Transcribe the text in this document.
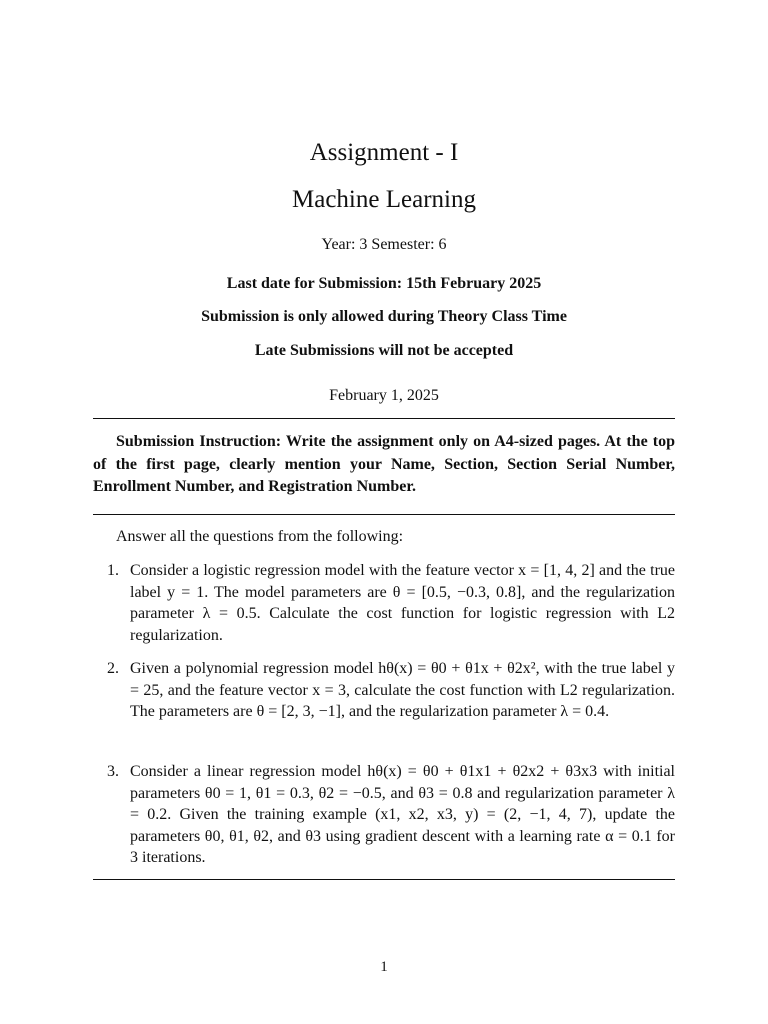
Assignment - I
Machine Learning
Year: 3 Semester: 6
Last date for Submission: 15th February 2025
Submission is only allowed during Theory Class Time
Late Submissions will not be accepted
February 1, 2025
Submission Instruction: Write the assignment only on A4-sized pages. At the top of the first page, clearly mention your Name, Section, Section Serial Number, Enrollment Number, and Registration Number.
Answer all the questions from the following:
1. Consider a logistic regression model with the feature vector x = [1, 4, 2] and the true label y = 1. The model parameters are θ = [0.5, −0.3, 0.8], and the regularization parameter λ = 0.5. Calculate the cost function for logistic regression with L2 regularization.
2. Given a polynomial regression model hθ(x) = θ0 + θ1x + θ2x², with the true label y = 25, and the feature vector x = 3, calculate the cost function with L2 regularization. The parameters are θ = [2, 3, −1], and the regularization parameter λ = 0.4.
3. Consider a linear regression model hθ(x) = θ0 + θ1x1 + θ2x2 + θ3x3 with initial parameters θ0 = 1, θ1 = 0.3, θ2 = −0.5, and θ3 = 0.8 and regularization parameter λ = 0.2. Given the training example (x1, x2, x3, y) = (2, −1, 4, 7), update the parameters θ0, θ1, θ2, and θ3 using gradient descent with a learning rate α = 0.1 for 3 iterations.
1
